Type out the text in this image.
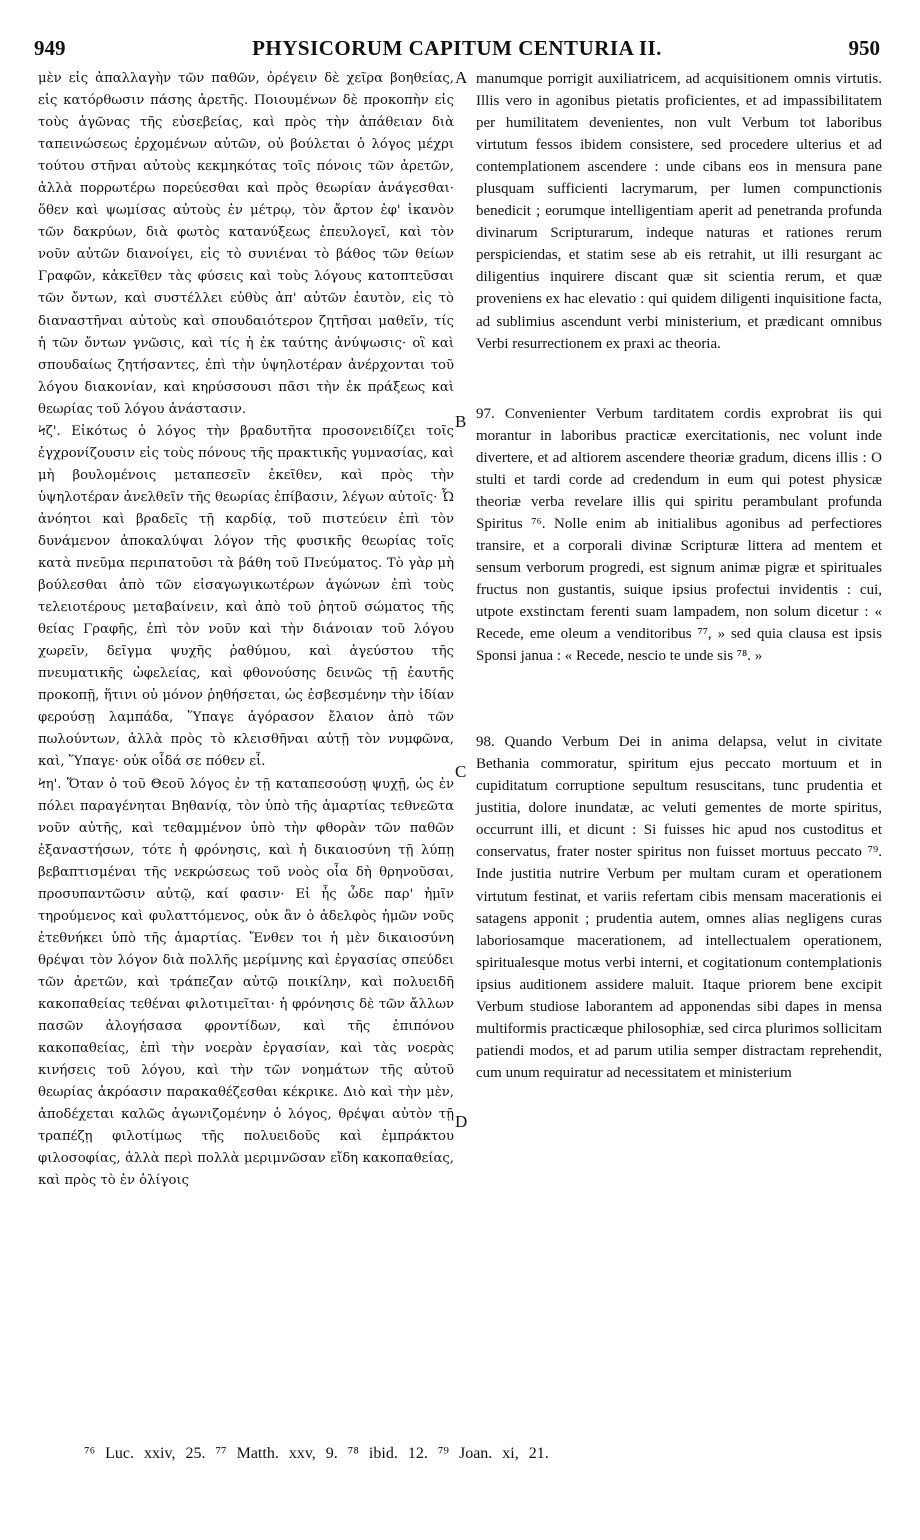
949	PHYSICORUM CAPITUM CENTURIA II.	950

μὲν εἰς ἀπαλλαγὴν τῶν παθῶν, ὀρέγειν δὲ χεῖρα βοηθείας, εἰς κατόρθωσιν πάσης ἀρετῆς. Ποιουμένων δὲ προκοπὴν εἰς τοὺς ἀγῶνας τῆς εὐσεβείας, καὶ πρὸς τὴν ἀπάθειαν διὰ ταπεινώσεως ἐρχομένων αὐτῶν, οὐ βούλεται ὁ λόγος μέχρι τούτου στῆναι αὐτοὺς κεκμηκότας τοῖς πόνοις τῶν ἀρετῶν, ἀλλὰ πορρωτέρω πορεύεσθαι καὶ πρὸς θεωρίαν ἀνάγεσθαι· ὅθεν καὶ ψωμίσας αὐτοὺς ἐν μέτρῳ, τὸν ἄρτον ἐφ' ἱκανὸν τῶν δακρύων, διὰ φωτὸς κατανύξεως ἐπευλογεῖ, καὶ τὸν νοῦν αὐτῶν διανοίγει, εἰς τὸ συνιέναι τὸ βάθος τῶν θείων Γραφῶν, κἀκεῖθεν τὰς φύσεις καὶ τοὺς λόγους κατοπτεῦσαι τῶν ὄντων, καὶ συστέλλει εὐθὺς ἀπ' αὐτῶν ἑαυτὸν, εἰς τὸ διαναστῆναι αὐτοὺς καὶ σπουδαιότερον ζητῆσαι μαθεῖν, τίς ἡ τῶν ὄντων γνῶσις, καὶ τίς ἡ ἐκ ταύτης ἀνύψωσις· οἳ καὶ σπουδαίως ζητήσαντες, ἐπὶ τὴν ὑψηλοτέραν ἀνέρχονται τοῦ λόγου διακονίαν, καὶ κηρύσσουσι πᾶσι τὴν ἐκ πράξεως καὶ θεωρίας τοῦ λόγου ἀνάστασιν.

Ϟζ'. Εἰκότως ὁ λόγος τὴν βραδυτῆτα προσονειδίζει τοῖς ἐγχρονίζουσιν εἰς τοὺς πόνους τῆς πρακτικῆς γυμνασίας, καὶ μὴ βουλομένοις μεταπεσεῖν ἐκεῖθεν, καὶ πρὸς τὴν ὑψηλοτέραν ἀνελθεῖν τῆς θεωρίας ἐπίβασιν, λέγων αὐτοῖς· Ὦ ἀνόητοι καὶ βραδεῖς τῇ καρδίᾳ, τοῦ πιστεύειν ἐπὶ τὸν δυνάμενον ἀποκαλύψαι λόγον τῆς φυσικῆς θεωρίας τοῖς κατὰ πνεῦμα περιπατοῦσι τὰ βάθη τοῦ Πνεύματος. Τὸ γὰρ μὴ βούλεσθαι ἀπὸ τῶν εἰσαγωγικωτέρων ἀγώνων ἐπὶ τοὺς τελειοτέρους μεταβαίνειν, καὶ ἀπὸ τοῦ ῥητοῦ σώματος τῆς θείας Γραφῆς, ἐπὶ τὸν νοῦν καὶ τὴν διάνοιαν τοῦ λόγου χωρεῖν, δεῖγμα ψυχῆς ῥαθύμου, καὶ ἀγεύστου τῆς πνευματικῆς ὠφελείας, καὶ φθονούσης δεινῶς τῇ ἑαυτῆς προκοπῇ, ἥτινι οὐ μόνον ῥηθήσεται, ὡς ἐσβεσμένην τὴν ἰδίαν φερούσῃ λαμπάδα, Ὕπαγε ἀγόρασον ἔλαιον ἀπὸ τῶν πωλούντων, ἀλλὰ πρὸς τὸ κλεισθῆναι αὐτῇ τὸν νυμφῶνα, καὶ, Ὕπαγε· οὐκ οἶδά σε πόθεν εἶ.

Ϟη'. Ὅταν ὁ τοῦ Θεοῦ λόγος ἐν τῇ καταπεσούσῃ ψυχῇ, ὡς ἐν πόλει παραγένηται Βηθανίᾳ, τὸν ὑπὸ τῆς ἁμαρτίας τεθνεῶτα νοῦν αὐτῆς, καὶ τεθαμμένον ὑπὸ τὴν φθορὰν τῶν παθῶν ἐξαναστήσων, τότε ἡ φρόνησις, καὶ ἡ δικαιοσύνη τῇ λύπῃ βεβαπτισμέναι τῆς νεκρώσεως τοῦ νοὸς οἷα δὴ θρηνοῦσαι, προσυπαντῶσιν αὐτῷ, καί φασιν· Εἰ ἧς ὧδε παρ' ἡμῖν τηρούμενος καὶ φυλαττόμενος, οὐκ ἂν ὁ ἀδελφὸς ἡμῶν νοῦς ἐτεθνήκει ὑπὸ τῆς ἁμαρτίας. Ἔνθεν τοι ἡ μὲν δικαιοσύνη θρέψαι τὸν λόγον διὰ πολλῆς μερίμνης καὶ ἐργασίας σπεύδει τῶν ἀρετῶν, καὶ τράπεζαν αὐτῷ ποικίλην, καὶ πολυειδῆ κακοπαθείας τεθέναι φιλοτιμεῖται· ἡ φρόνησις δὲ τῶν ἄλλων πασῶν ἀλογήσασα φροντίδων, καὶ τῆς ἐπιπόνου κακοπαθείας, ἐπὶ τὴν νοερὰν ἐργασίαν, καὶ τὰς νοερὰς κινήσεις τοῦ λόγου, καὶ τὴν τῶν νοημάτων τῆς αὐτοῦ θεωρίας ἀκρόασιν παρακαθέζεσθαι κέκρικε. Διὸ καὶ τὴν μὲν, ἀποδέχεται καλῶς ἀγωνιζομένην ὁ λόγος, θρέψαι αὐτὸν τῇ τραπέζῃ φιλοτίμως τῆς πολυειδοῦς καὶ ἐμπράκτου φιλοσοφίας, ἀλλὰ περὶ πολλὰ μεριμνῶσαν εἴδη κακοπαθείας, καὶ πρὸς τὸ ἐν ὀλίγοις

A
B
C
D

manumque porrigit auxiliatricem, ad acquisitionem omnis virtutis. Illis vero in agonibus pietatis proficientes, et ad impassibilitatem per humilitatem devenientes, non vult Verbum tot laboribus virtutum fessos ibidem consistere, sed procedere ulterius et ad contemplationem ascendere : unde cibans eos in mensura pane plusquam sufficienti lacrymarum, per lumen compunctionis benedicit ; eorumque intelligentiam aperit ad penetranda profunda divinarum Scripturarum, indeque naturas et rationes rerum perspiciendas, et statim sese ab eis retrahit, ut illi resurgant ac diligentius inquirere discant quæ sit scientia rerum, et quæ proveniens ex hac elevatio : qui quidem diligenti inquisitione facta, ad sublimius ascendunt verbi ministerium, et prædicant omnibus Verbi resurrectionem ex praxi ac theoria.

97. Convenienter Verbum tarditatem cordis exprobrat iis qui morantur in laboribus practicæ exercitationis, nec volunt inde divertere, et ad altiorem ascendere theoriæ gradum, dicens illis : O stulti et tardi corde ad credendum in eum qui potest physicæ theoriæ verba revelare illis qui spiritu perambulant profunda Spiritus ⁷⁶. Nolle enim ab initialibus agonibus ad perfectiores transire, et a corporali divinæ Scripturæ littera ad mentem et sensum verborum progredi, est signum animæ pigræ et spirituales fructus non gustantis, suique ipsius profectui invidentis : cui, utpote exstinctam ferenti suam lampadem, non solum dicetur : « Recede, eme oleum a venditoribus ⁷⁷, » sed quia clausa est ipsis Sponsi janua : « Recede, nescio te unde sis ⁷⁸. »

98. Quando Verbum Dei in anima delapsa, velut in civitate Bethania commoratur, spiritum ejus peccato mortuum et in cupiditatum corruptione sepultum resuscitans, tunc prudentia et justitia, dolore inundatæ, ac veluti gementes de morte spiritus, occurrunt illi, et dicunt : Si fuisses hic apud nos custoditus et conservatus, frater noster spiritus non fuisset mortuus peccato ⁷⁹. Inde justitia nutrire Verbum per multam curam et operationem virtutum festinat, et variis refertam cibis mensam macerationis ei satagens apponit ; prudentia autem, omnes alias negligens curas laboriosamque macerationem, ad intellectualem operationem, spiritualesque motus verbi interni, et cogitationum contemplationis ipsius auditionem assidere maluit. Itaque priorem bene excipit Verbum studiose laborantem ad apponendas sibi dapes in mensa multiformis practicæque philosophiæ, sed circa plurimos sollicitam patiendi modos, et ad parum utilia semper distractam reprehendit, cum unum requiratur ad necessitatem et ministerium

⁷⁶ Luc. xxiv, 25. ⁷⁷ Matth. xxv, 9. ⁷⁸ ibid. 12. ⁷⁹ Joan. xi, 21.
